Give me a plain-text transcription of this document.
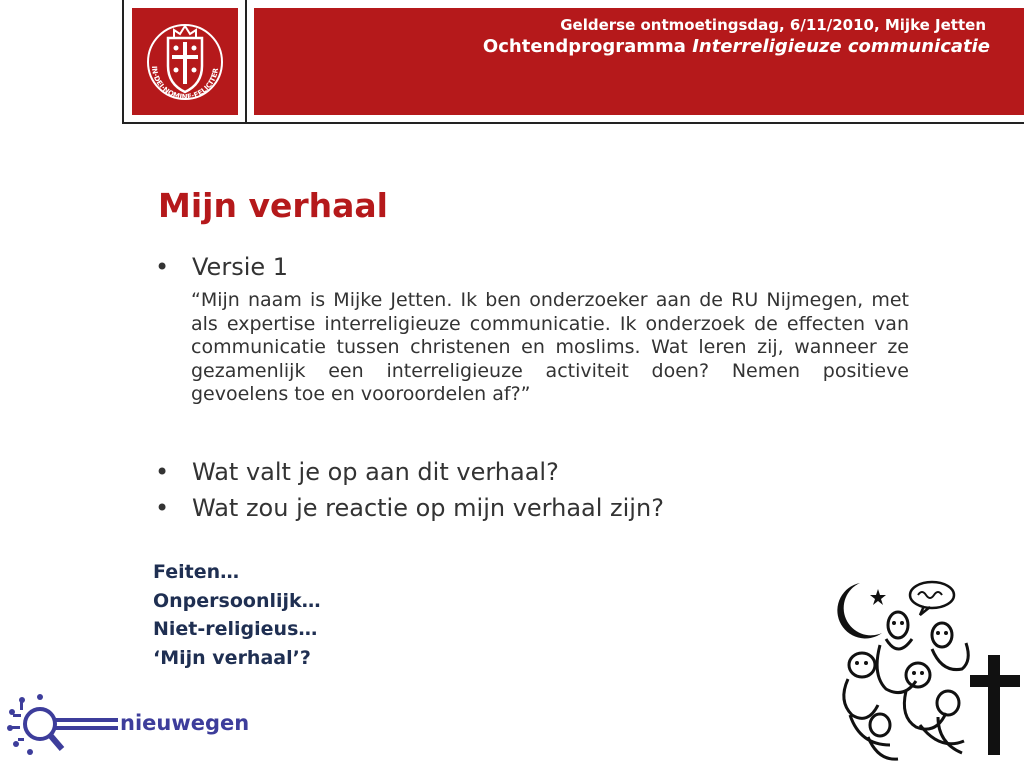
IN·DEI·NOMINE·FELICITER
Gelderse ontmoetingsdag, 6/11/2010, Mijke Jetten
Ochtendprogramma Interreligieuze communicatie
Mijn verhaal
• Versie 1

“Mijn naam is Mijke Jetten. Ik ben onderzoeker aan de RU Nijmegen, met als expertise interreligieuze communicatie. Ik onderzoek de effecten van communicatie tussen christenen en moslims. Wat leren zij, wanneer ze gezamenlijk een interreligieuze activiteit doen? Nemen positieve gevoelens toe en vooroordelen af?”

• Wat valt je op aan dit verhaal?
• Wat zou je reactie op mijn verhaal zijn?
Feiten…
Onpersoonlijk…
Niet-religieus…
‘Mijn verhaal’?
nieuwegen
